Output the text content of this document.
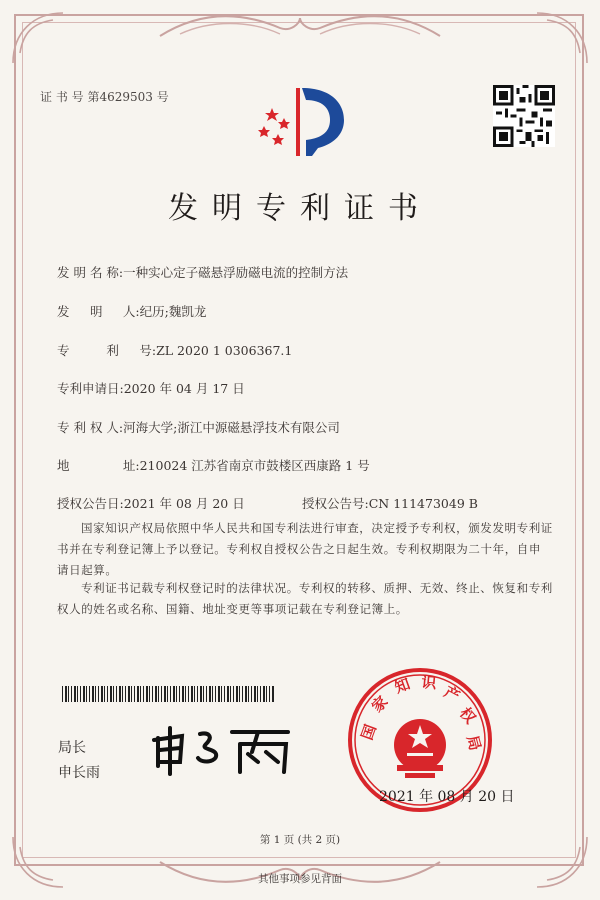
证 书 号 第4629503 号
发明专利证书
发 明 名 称:一种实心定子磁悬浮励磁电流的控制方法
发 　 明 　 人:纪历;魏凯龙
专 　 　 利 　 号:ZL 2020 1 0306367.1
专利申请日:2020 年 04 月 17 日
专 利 权 人:河海大学;浙江中源磁悬浮技术有限公司
地 　 　 　 址:210024 江苏省南京市鼓楼区西康路 1 号
授权公告日:2021 年 08 月 20 日	授权公告号:CN 111473049 B
国家知识产权局依照中华人民共和国专利法进行审查，决定授予专利权，颁发发明专利证书并在专利登记簿上予以登记。专利权自授权公告之日起生效。专利权期限为二十年，自申请日起算。
专利证书记载专利权登记时的法律状况。专利权的转移、质押、无效、终止、恢复和专利权人的姓名或名称、国籍、地址变更等事项记载在专利登记簿上。
局长
申长雨
国
家
知 识 产
权
局
2021 年 08 月 20 日
第 1 页 (共 2 页)
其他事项参见背面
